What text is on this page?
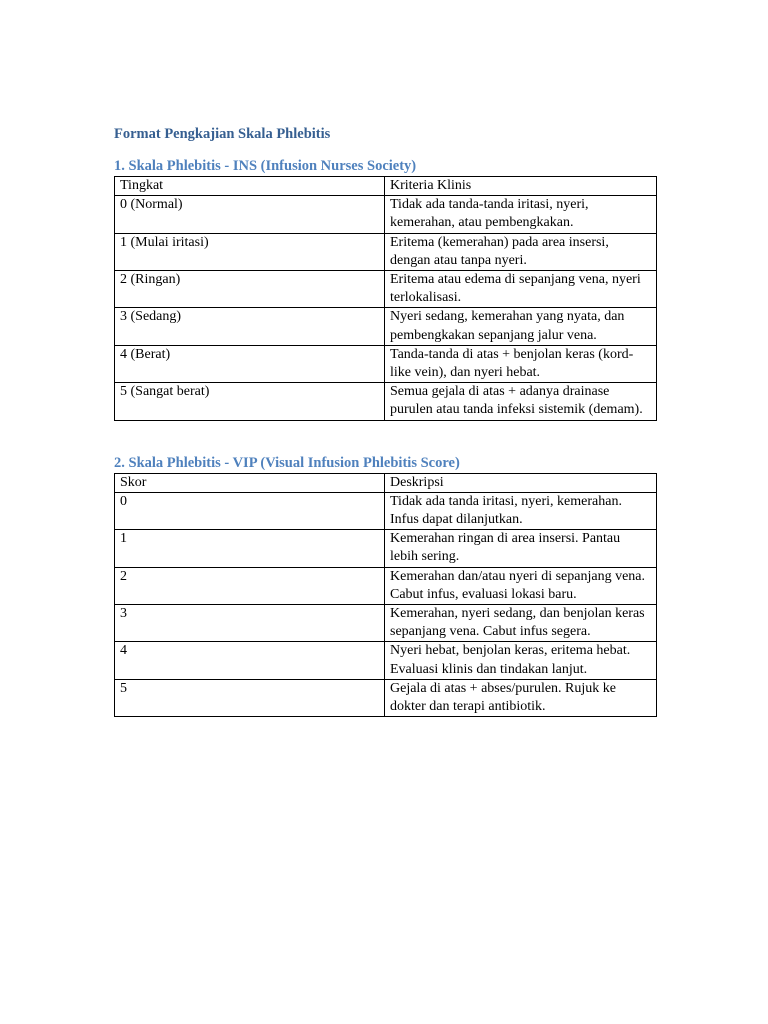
Format Pengkajian Skala Phlebitis
1. Skala Phlebitis - INS (Infusion Nurses Society)
Tingkat	Kriteria Klinis
0 (Normal)	Tidak ada tanda-tanda iritasi, nyeri, kemerahan, atau pembengkakan.
1 (Mulai iritasi)	Eritema (kemerahan) pada area insersi, dengan atau tanpa nyeri.
2 (Ringan)	Eritema atau edema di sepanjang vena, nyeri terlokalisasi.
3 (Sedang)	Nyeri sedang, kemerahan yang nyata, dan pembengkakan sepanjang jalur vena.
4 (Berat)	Tanda-tanda di atas + benjolan keras (kord-like vein), dan nyeri hebat.
5 (Sangat berat)	Semua gejala di atas + adanya drainase purulen atau tanda infeksi sistemik (demam).
2. Skala Phlebitis - VIP (Visual Infusion Phlebitis Score)
Skor	Deskripsi
0	Tidak ada tanda iritasi, nyeri, kemerahan. Infus dapat dilanjutkan.
1	Kemerahan ringan di area insersi. Pantau lebih sering.
2	Kemerahan dan/atau nyeri di sepanjang vena. Cabut infus, evaluasi lokasi baru.
3	Kemerahan, nyeri sedang, dan benjolan keras sepanjang vena. Cabut infus segera.
4	Nyeri hebat, benjolan keras, eritema hebat. Evaluasi klinis dan tindakan lanjut.
5	Gejala di atas + abses/purulen. Rujuk ke dokter dan terapi antibiotik.
